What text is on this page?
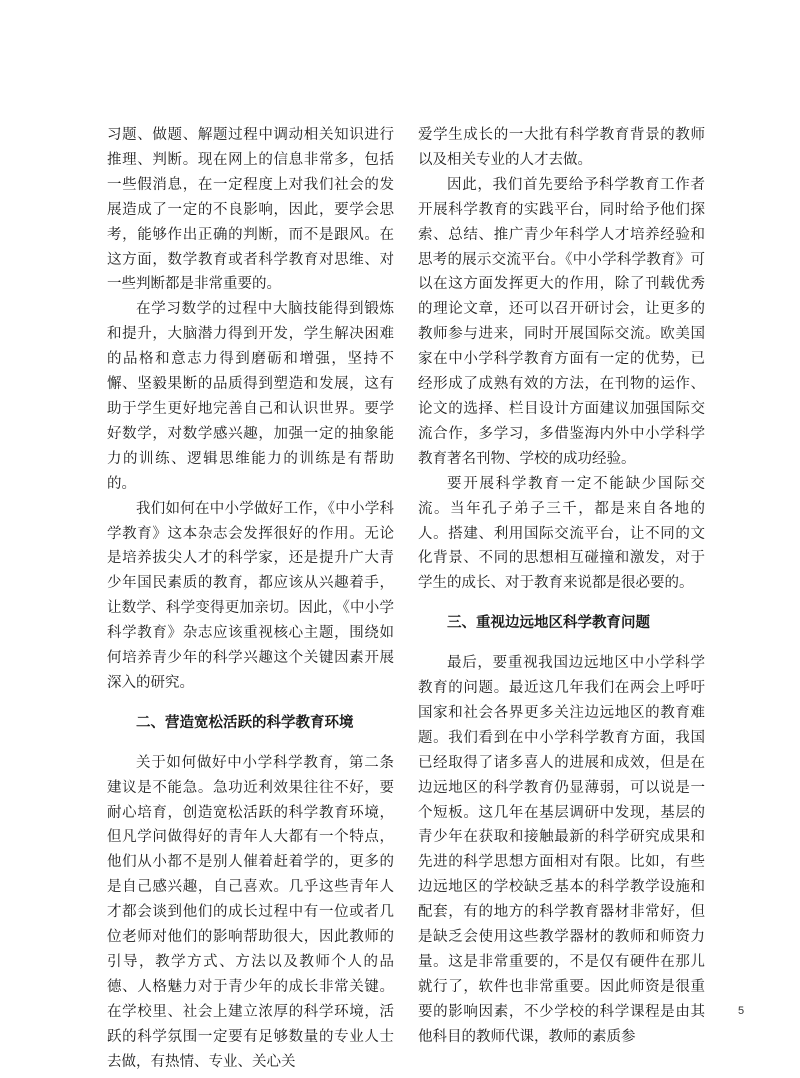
习题、做题、解题过程中调动相关知识进行推理、判断。现在网上的信息非常多，包括一些假消息，在一定程度上对我们社会的发展造成了一定的不良影响，因此，要学会思考，能够作出正确的判断，而不是跟风。在这方面，数学教育或者科学教育对思维、对一些判断都是非常重要的。

在学习数学的过程中大脑技能得到锻炼和提升，大脑潜力得到开发，学生解决困难的品格和意志力得到磨砺和增强，坚持不懈、坚毅果断的品质得到塑造和发展，这有助于学生更好地完善自己和认识世界。要学好数学，对数学感兴趣，加强一定的抽象能力的训练、逻辑思维能力的训练是有帮助的。

我们如何在中小学做好工作，《中小学科学教育》这本杂志会发挥很好的作用。无论是培养拔尖人才的科学家，还是提升广大青少年国民素质的教育，都应该从兴趣着手，让数学、科学变得更加亲切。因此，《中小学科学教育》杂志应该重视核心主题，围绕如何培养青少年的科学兴趣这个关键因素开展深入的研究。

二、营造宽松活跃的科学教育环境

关于如何做好中小学科学教育，第二条建议是不能急。急功近利效果往往不好，要耐心培育，创造宽松活跃的科学教育环境，但凡学问做得好的青年人大都有一个特点，他们从小都不是别人催着赶着学的，更多的是自己感兴趣，自己喜欢。几乎这些青年人才都会谈到他们的成长过程中有一位或者几位老师对他们的影响帮助很大，因此教师的引导，教学方式、方法以及教师个人的品德、人格魅力对于青少年的成长非常关键。在学校里、社会上建立浓厚的科学环境，活跃的科学氛围一定要有足够数量的专业人士去做，有热情、专业、关心关

爱学生成长的一大批有科学教育背景的教师以及相关专业的人才去做。

因此，我们首先要给予科学教育工作者开展科学教育的实践平台，同时给予他们探索、总结、推广青少年科学人才培养经验和思考的展示交流平台。《中小学科学教育》可以在这方面发挥更大的作用，除了刊载优秀的理论文章，还可以召开研讨会，让更多的教师参与进来，同时开展国际交流。欧美国家在中小学科学教育方面有一定的优势，已经形成了成熟有效的方法，在刊物的运作、论文的选择、栏目设计方面建议加强国际交流合作，多学习，多借鉴海内外中小学科学教育著名刊物、学校的成功经验。

要开展科学教育一定不能缺少国际交流。当年孔子弟子三千，都是来自各地的人。搭建、利用国际交流平台，让不同的文化背景、不同的思想相互碰撞和激发，对于学生的成长、对于教育来说都是很必要的。

三、重视边远地区科学教育问题

最后，要重视我国边远地区中小学科学教育的问题。最近这几年我们在两会上呼吁国家和社会各界更多关注边远地区的教育难题。我们看到在中小学科学教育方面，我国已经取得了诸多喜人的进展和成效，但是在边远地区的科学教育仍显薄弱，可以说是一个短板。这几年在基层调研中发现，基层的青少年在获取和接触最新的科学研究成果和先进的科学思想方面相对有限。比如，有些边远地区的学校缺乏基本的科学教学设施和配套，有的地方的科学教育器材非常好，但是缺乏会使用这些教学器材的教师和师资力量。这是非常重要的，不是仅有硬件在那儿就行了，软件也非常重要。因此师资是很重要的影响因素，不少学校的科学课程是由其他科目的教师代课，教师的素质参

5
